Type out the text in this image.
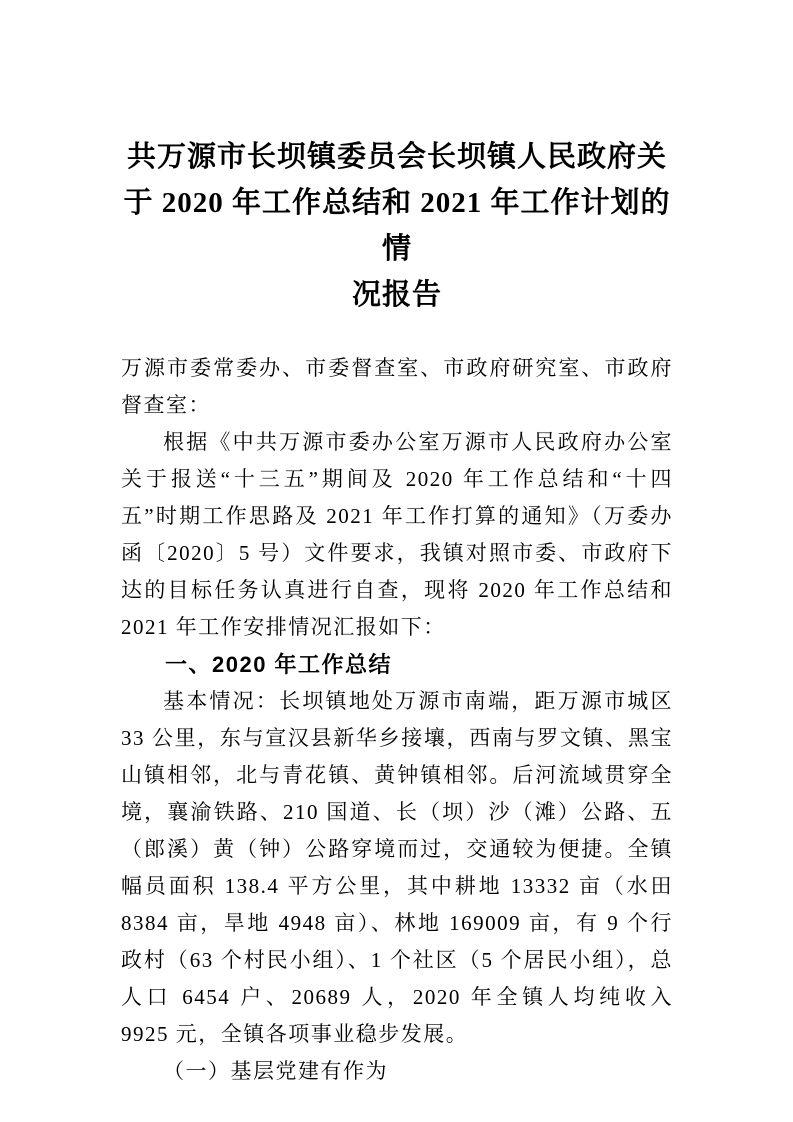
共万源市长坝镇委员会长坝镇人民政府关
于 2020 年工作总结和 2021 年工作计划的情
况报告

万源市委常委办、市委督查室、市政府研究室、市政府督查室：

根据《中共万源市委办公室万源市人民政府办公室关于报送“十三五”期间及 2020 年工作总结和“十四五”时期工作思路及 2021 年工作打算的通知》（万委办函〔2020〕5 号）文件要求，我镇对照市委、市政府下达的目标任务认真进行自查，现将 2020 年工作总结和 2021 年工作安排情况汇报如下：

一、2020 年工作总结

基本情况：长坝镇地处万源市南端，距万源市城区 33 公里，东与宣汉县新华乡接壤，西南与罗文镇、黑宝山镇相邻，北与青花镇、黄钟镇相邻。后河流域贯穿全境，襄渝铁路、210 国道、长（坝）沙（滩）公路、五（郎溪）黄（钟）公路穿境而过，交通较为便捷。全镇幅员面积 138.4 平方公里，其中耕地 13332 亩（水田 8384 亩，旱地 4948 亩）、林地 169009 亩，有 9 个行政村（63 个村民小组）、1 个社区（5 个居民小组），总人口 6454 户、20689 人，2020 年全镇人均纯收入 9925 元，全镇各项事业稳步发展。

（一）基层党建有作为
